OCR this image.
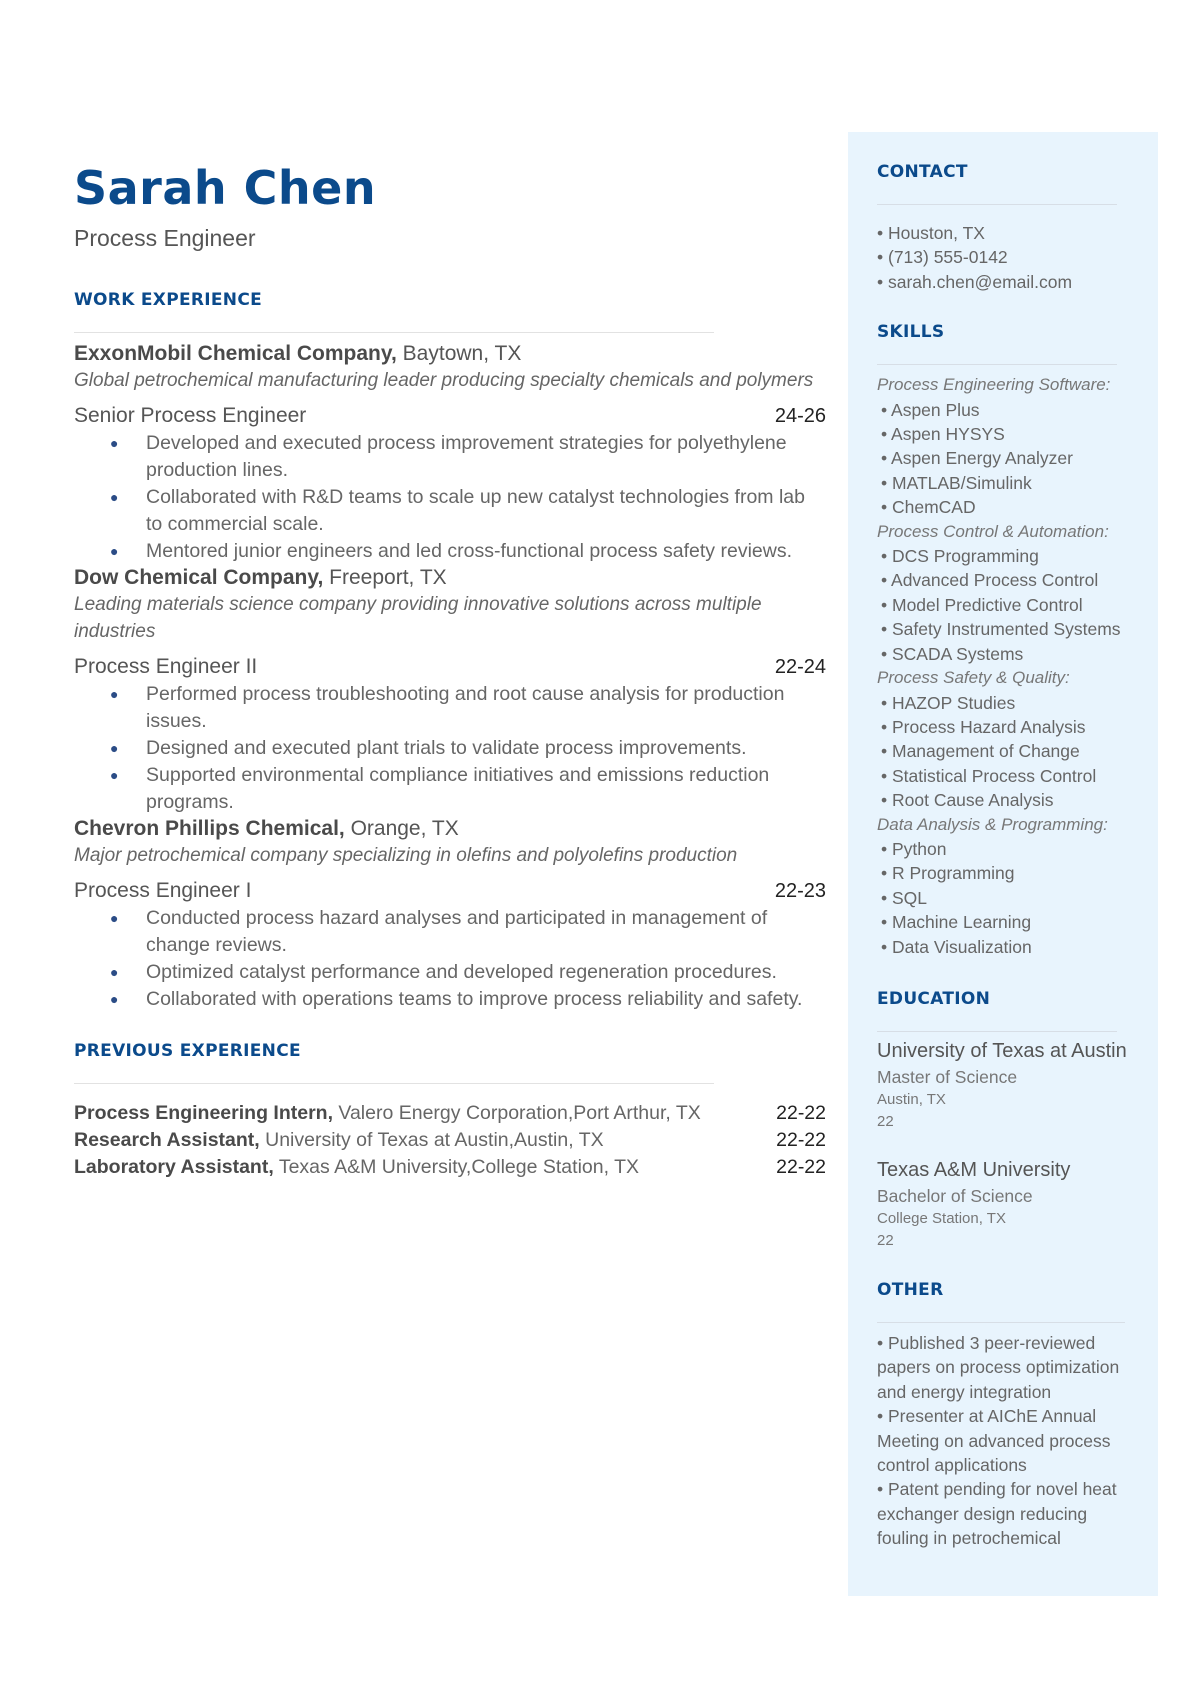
Sarah Chen
Process Engineer
WORK EXPERIENCE
ExxonMobil Chemical Company, Baytown, TX
Global petrochemical manufacturing leader producing specialty chemicals and polymers
Senior Process Engineer	24-26
● Developed and executed process improvement strategies for polyethylene production lines.
● Collaborated with R&D teams to scale up new catalyst technologies from lab to commercial scale.
● Mentored junior engineers and led cross-functional process safety reviews.
Dow Chemical Company, Freeport, TX
Leading materials science company providing innovative solutions across multiple industries
Process Engineer II	22-24
● Performed process troubleshooting and root cause analysis for production issues.
● Designed and executed plant trials to validate process improvements.
● Supported environmental compliance initiatives and emissions reduction programs.
Chevron Phillips Chemical, Orange, TX
Major petrochemical company specializing in olefins and polyolefins production
Process Engineer I	22-23
● Conducted process hazard analyses and participated in management of change reviews.
● Optimized catalyst performance and developed regeneration procedures.
● Collaborated with operations teams to improve process reliability and safety.
PREVIOUS EXPERIENCE
Process Engineering Intern, Valero Energy Corporation,Port Arthur, TX	22-22
Research Assistant, University of Texas at Austin,Austin, TX	22-22
Laboratory Assistant, Texas A&M University,College Station, TX	22-22
CONTACT
• Houston, TX
• (713) 555-0142
• sarah.chen@email.com
SKILLS
Process Engineering Software:
• Aspen Plus
• Aspen HYSYS
• Aspen Energy Analyzer
• MATLAB/Simulink
• ChemCAD
Process Control & Automation:
• DCS Programming
• Advanced Process Control
• Model Predictive Control
• Safety Instrumented Systems
• SCADA Systems
Process Safety & Quality:
• HAZOP Studies
• Process Hazard Analysis
• Management of Change
• Statistical Process Control
• Root Cause Analysis
Data Analysis & Programming:
• Python
• R Programming
• SQL
• Machine Learning
• Data Visualization
EDUCATION
University of Texas at Austin
Master of Science
Austin, TX
22
Texas A&M University
Bachelor of Science
College Station, TX
22
OTHER
• Published 3 peer-reviewed papers on process optimization and energy integration
• Presenter at AIChE Annual Meeting on advanced process control applications
• Patent pending for novel heat exchanger design reducing fouling in petrochemical
